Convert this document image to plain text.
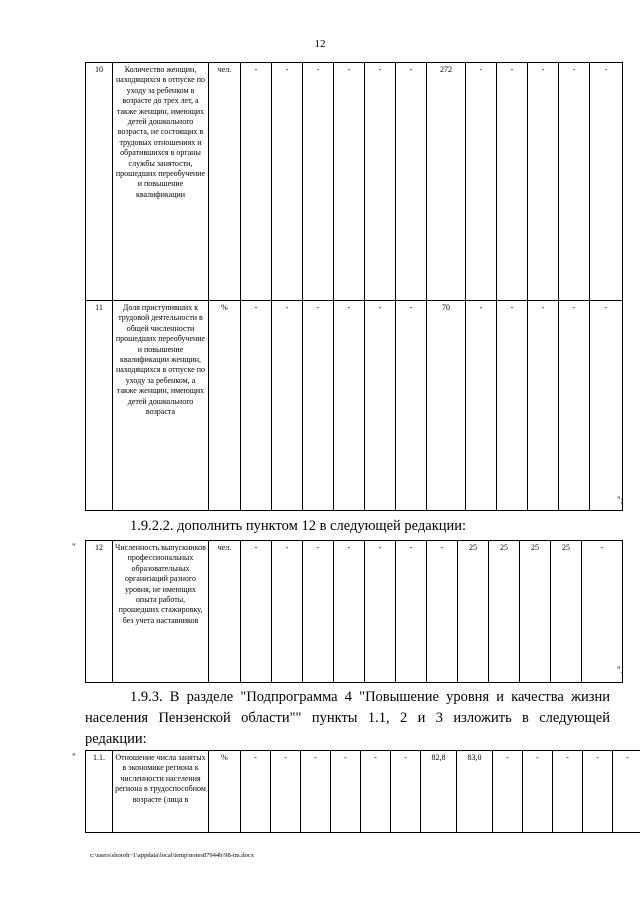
12
10	Количество женщин, находящихся в отпуске по уходу за ребенком в возрасте до трех лет, а также женщин, имеющих детей дошкольного возраста, не состоящих в трудовых отношениях и обратившихся в органы службы занятости, прошедших переобучение и повышение квалификации	чел.	-	-	-	-	-	-	272	-	-	-	-	-
11	Доля приступивших к трудовой деятельности в общей численности прошедших переобучение и повышение квалификации женщин, находящихся в отпуске по уходу за ребенком, а также женщин, имеющих детей дошкольного возраста	%	-	-	-	-	-	-	70	-	-	-	-	-
";
1.9.2.2. дополнить пунктом 12 в следующей редакции:
" 12	Численность выпускников профессиональных образовательных организаций разного уровня, не имеющих опыта работы, прошедших стажировку, без учета наставников	чел.	-	-	-	-	-	-	-	25	25	25	25	-
".
1.9.3. В разделе "Подпрограмма 4 "Повышение уровня и качества жизни
населения Пензенской области"" пункты 1.1, 2 и 3 изложить в следующей
редакции:
" 1.1.	Отношение числа занятых в экономике региона к численности населения региона в трудоспособном возрасте (лица в	%	-	-	-	-	-	-	82,8	83,0	-	-	-	-	-
c:\users\shoroh~1\appdata\local\temp\notes87944b\98-im.docx
